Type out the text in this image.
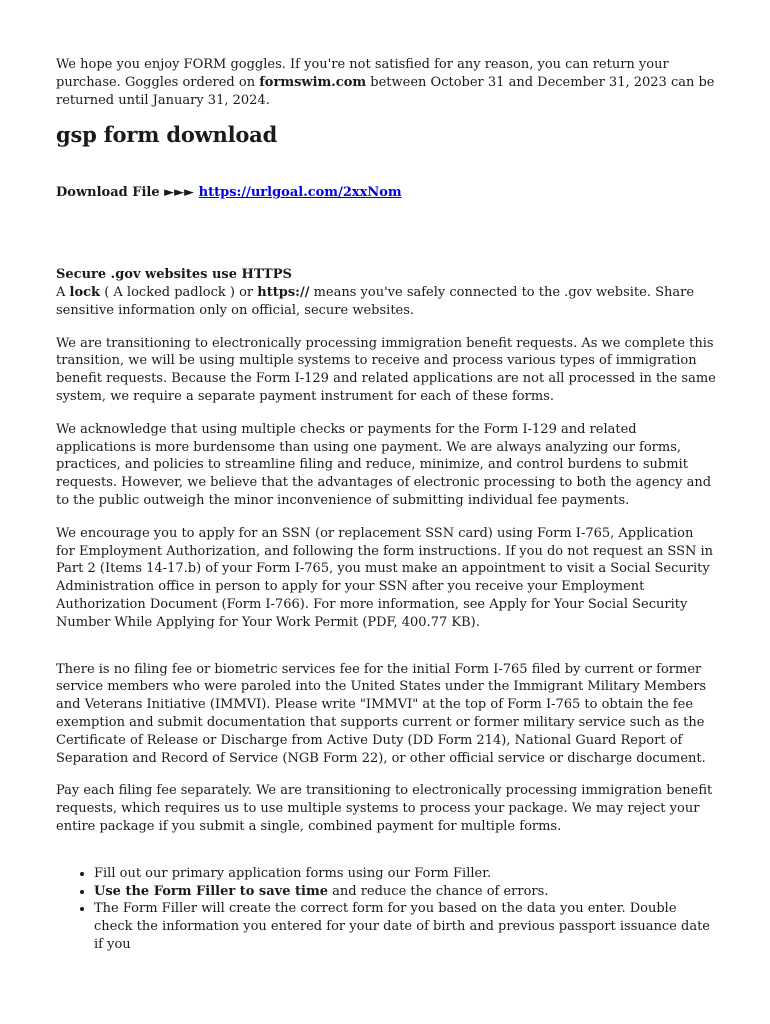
We hope you enjoy FORM goggles. If you're not satisfied for any reason, you can return your purchase. Goggles ordered on formswim.com between October 31 and December 31, 2023 can be returned until January 31, 2024.

gsp form download

Download File ►►► https://urlgoal.com/2xxNom

Secure .gov websites use HTTPS

A lock ( A locked padlock ) or https:// means you've safely connected to the .gov website. Share sensitive information only on official, secure websites.

We are transitioning to electronically processing immigration benefit requests. As we complete this transition, we will be using multiple systems to receive and process various types of immigration benefit requests. Because the Form I-129 and related applications are not all processed in the same system, we require a separate payment instrument for each of these forms.

We acknowledge that using multiple checks or payments for the Form I-129 and related applications is more burdensome than using one payment. We are always analyzing our forms, practices, and policies to streamline filing and reduce, minimize, and control burdens to submit requests. However, we believe that the advantages of electronic processing to both the agency and to the public outweigh the minor inconvenience of submitting individual fee payments.

We encourage you to apply for an SSN (or replacement SSN card) using Form I-765, Application for Employment Authorization, and following the form instructions. If you do not request an SSN in Part 2 (Items 14-17.b) of your Form I-765, you must make an appointment to visit a Social Security Administration office in person to apply for your SSN after you receive your Employment Authorization Document (Form I-766). For more information, see Apply for Your Social Security Number While Applying for Your Work Permit (PDF, 400.77 KB).

There is no filing fee or biometric services fee for the initial Form I-765 filed by current or former service members who were paroled into the United States under the Immigrant Military Members and Veterans Initiative (IMMVI). Please write "IMMVI" at the top of Form I-765 to obtain the fee exemption and submit documentation that supports current or former military service such as the Certificate of Release or Discharge from Active Duty (DD Form 214), National Guard Report of Separation and Record of Service (NGB Form 22), or other official service or discharge document.

Pay each filing fee separately. We are transitioning to electronically processing immigration benefit requests, which requires us to use multiple systems to process your package. We may reject your entire package if you submit a single, combined payment for multiple forms.

• Fill out our primary application forms using our Form Filler.
• Use the Form Filler to save time and reduce the chance of errors.
• The Form Filler will create the correct form for you based on the data you enter. Double check the information you entered for your date of birth and previous passport issuance date if you
